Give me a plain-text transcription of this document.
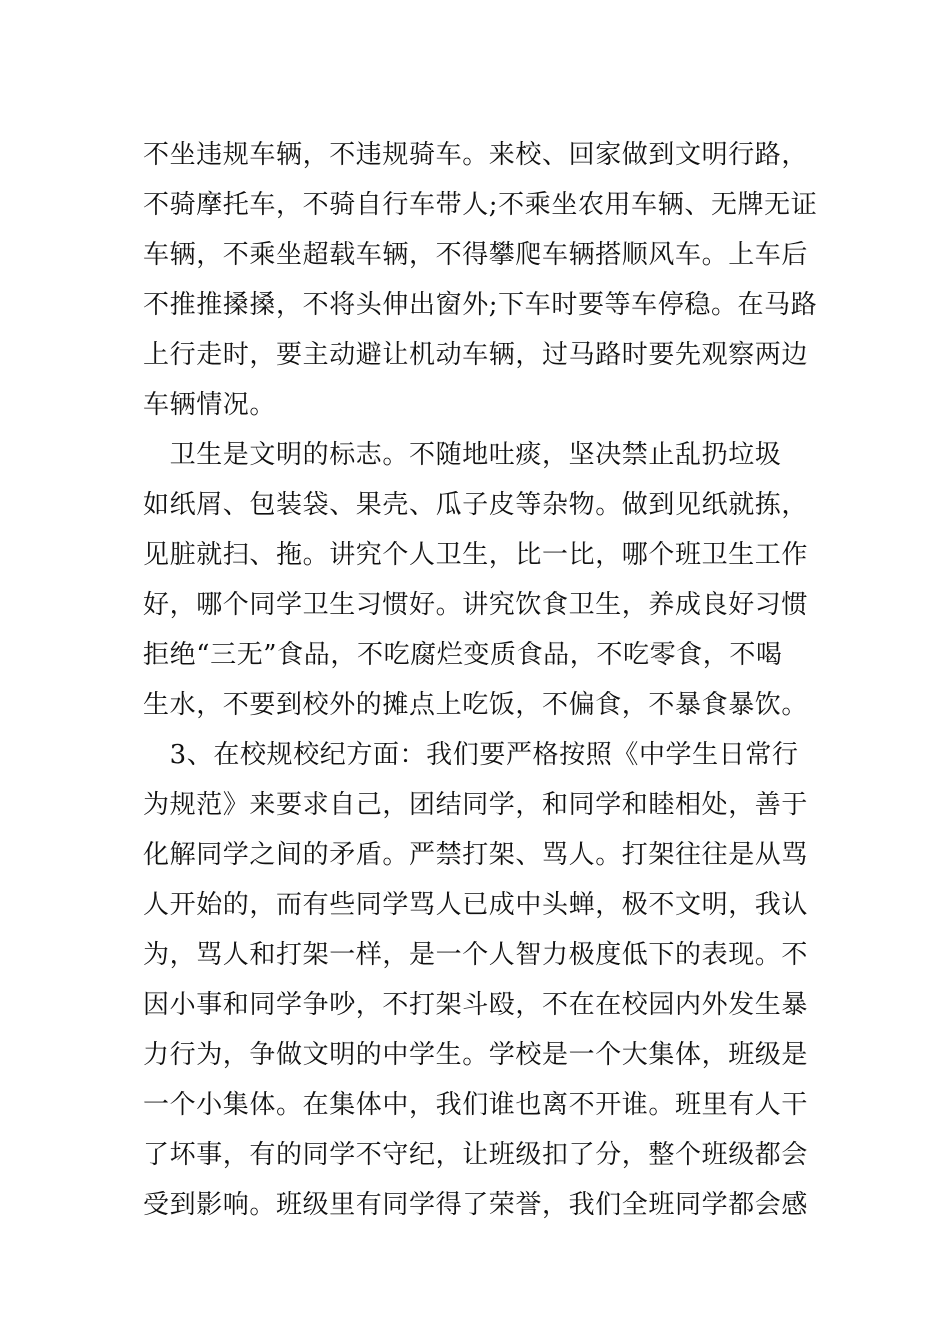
不坐违规车辆，不违规骑车。来校、回家做到文明行路，
不骑摩托车，不骑自行车带人;不乘坐农用车辆、无牌无证
车辆，不乘坐超载车辆，不得攀爬车辆搭顺风车。上车后
不推推搡搡，不将头伸出窗外;下车时要等车停稳。在马路
上行走时，要主动避让机动车辆，过马路时要先观察两边
车辆情况。
　卫生是文明的标志。不随地吐痰，坚决禁止乱扔垃圾
如纸屑、包装袋、果壳、瓜子皮等杂物。做到见纸就拣，
见脏就扫、拖。讲究个人卫生，比一比，哪个班卫生工作
好，哪个同学卫生习惯好。讲究饮食卫生，养成良好习惯
拒绝“三无”食品，不吃腐烂变质食品，不吃零食，不喝
生水，不要到校外的摊点上吃饭，不偏食，不暴食暴饮。
　3、在校规校纪方面：我们要严格按照《中学生日常行
为规范》来要求自己，团结同学，和同学和睦相处，善于
化解同学之间的矛盾。严禁打架、骂人。打架往往是从骂
人开始的，而有些同学骂人已成中头蝉，极不文明，我认
为，骂人和打架一样，是一个人智力极度低下的表现。不
因小事和同学争吵，不打架斗殴，不在在校园内外发生暴
力行为，争做文明的中学生。学校是一个大集体，班级是
一个小集体。在集体中，我们谁也离不开谁。班里有人干
了坏事，有的同学不守纪，让班级扣了分，整个班级都会
受到影响。班级里有同学得了荣誉，我们全班同学都会感
